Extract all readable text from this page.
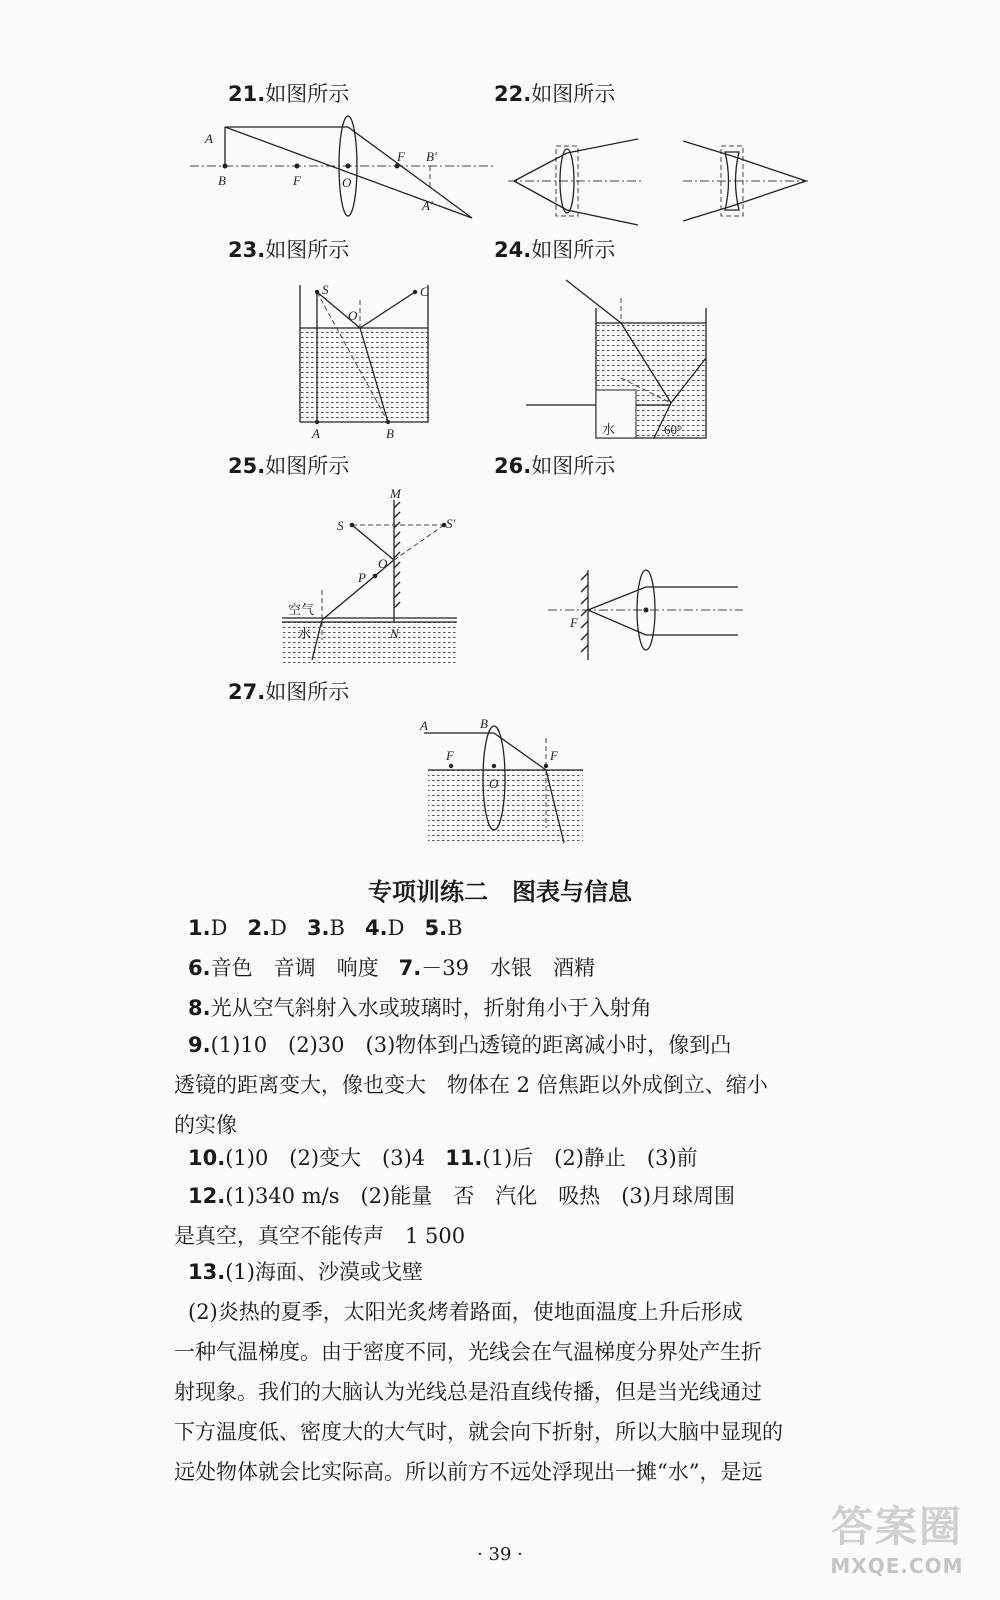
21.如图所示	22.如图所示
A
B	F	O
F B′
A′
23.如图所示	24.如图所示
S	C
O
A	B	水	60°
25.如图所示	26.如图所示
M
S	S′
O
P
N
空气
水
F
27.如图所示
A	B
F
O
F
专项训练二　图表与信息

1.D 2.D 3.B 4.D 5.B

6.音色　音调　响度 7.－39　水银　酒精

8.光从空气斜射入水或玻璃时，折射角小于入射角

9.(1)10　(2)30　(3)物体到凸透镜的距离减小时，像到凸

透镜的距离变大，像也变大　物体在 2 倍焦距以外成倒立、缩小

的实像

10.(1)0　(2)变大　(3)4 11.(1)后　(2)静止　(3)前

12.(1)340 m/s　(2)能量　否　汽化　吸热　(3)月球周围

是真空，真空不能传声　1 500

13.(1)海面、沙漠或戈壁

(2)炎热的夏季，太阳光炙烤着路面，使地面温度上升后形成

一种气温梯度。由于密度不同，光线会在气温梯度分界处产生折

射现象。我们的大脑认为光线总是沿直线传播，但是当光线通过

下方温度低、密度大的大气时，就会向下折射，所以大脑中显现的

远处物体就会比实际高。所以前方不远处浮现出一摊“水”，是远

· 39 ·
答案圈
MXQE.COM
